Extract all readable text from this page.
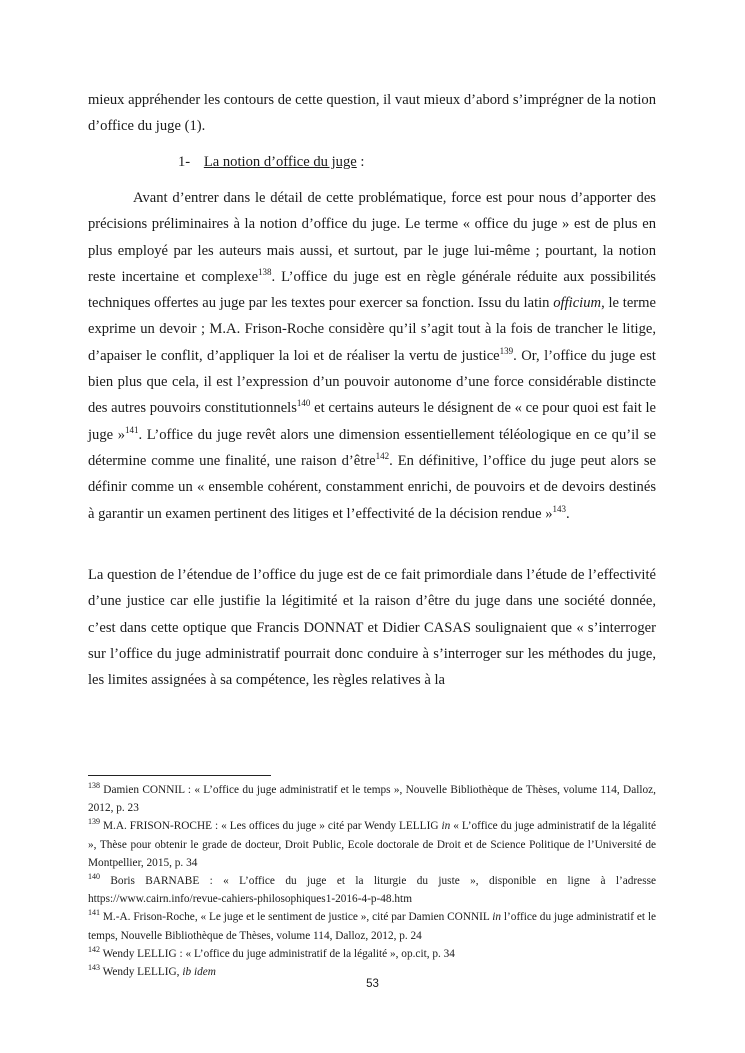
mieux appréhender les contours de cette question, il vaut mieux d’abord s’imprégner de la notion d’office du juge (1).

1- La notion d’office du juge :

Avant d’entrer dans le détail de cette problématique, force est pour nous d’apporter des précisions préliminaires à la notion d’office du juge. Le terme « office du juge » est de plus en plus employé par les auteurs mais aussi, et surtout, par le juge lui-même ; pourtant, la notion reste incertaine et complexe$^{138}$. L’office du juge est en règle générale réduite aux possibilités techniques offertes au juge par les textes pour exercer sa fonction. Issu du latin officium, le terme exprime un devoir ; M.A. Frison-Roche considère qu’il s’agit tout à la fois de trancher le litige, d’apaiser le conflit, d’appliquer la loi et de réaliser la vertu de justice$^{139}$. Or, l’office du juge est bien plus que cela, il est l’expression d’un pouvoir autonome d’une force considérable distincte des autres pouvoirs constitutionnels$^{140}$ et certains auteurs le désignent de « ce pour quoi est fait le juge »$^{141}$. L’office du juge revêt alors une dimension essentiellement téléologique en ce qu’il se détermine comme une finalité, une raison d’être$^{142}$. En définitive, l’office du juge peut alors se définir comme un « ensemble cohérent, constamment enrichi, de pouvoirs et de devoirs destinés à garantir un examen pertinent des litiges et l’effectivité de la décision rendue »$^{143}$.

La question de l’étendue de l’office du juge est de ce fait primordiale dans l’étude de l’effectivité d’une justice car elle justifie la légitimité et la raison d’être du juge dans une société donnée, c’est dans cette optique que Francis DONNAT et Didier CASAS soulignaient que « s’interroger sur l’office du juge administratif pourrait donc conduire à s’interroger sur les méthodes du juge, les limites assignées à sa compétence, les règles relatives à la

$^{138}$ Damien CONNIL : « L’office du juge administratif et le temps », Nouvelle Bibliothèque de Thèses, volume 114, Dalloz, 2012, p. 23

$^{139}$ M.A. FRISON-ROCHE : « Les offices du juge » cité par Wendy LELLIG in « L’office du juge administratif de la légalité », Thèse pour obtenir le grade de docteur, Droit Public, Ecole doctorale de Droit et de Science Politique de l’Université de Montpellier, 2015, p. 34

$^{140}$ Boris BARNABE : « L’office du juge et la liturgie du juste », disponible en ligne à l’adresse https://www.cairn.info/revue-cahiers-philosophiques1-2016-4-p-48.htm

$^{141}$ M.-A. Frison-Roche, « Le juge et le sentiment de justice », cité par Damien CONNIL in l’office du juge administratif et le temps, Nouvelle Bibliothèque de Thèses, volume 114, Dalloz, 2012, p. 24

$^{142}$ Wendy LELLIG : « L’office du juge administratif de la légalité », op.cit, p. 34

$^{143}$ Wendy LELLIG, ib idem

53
